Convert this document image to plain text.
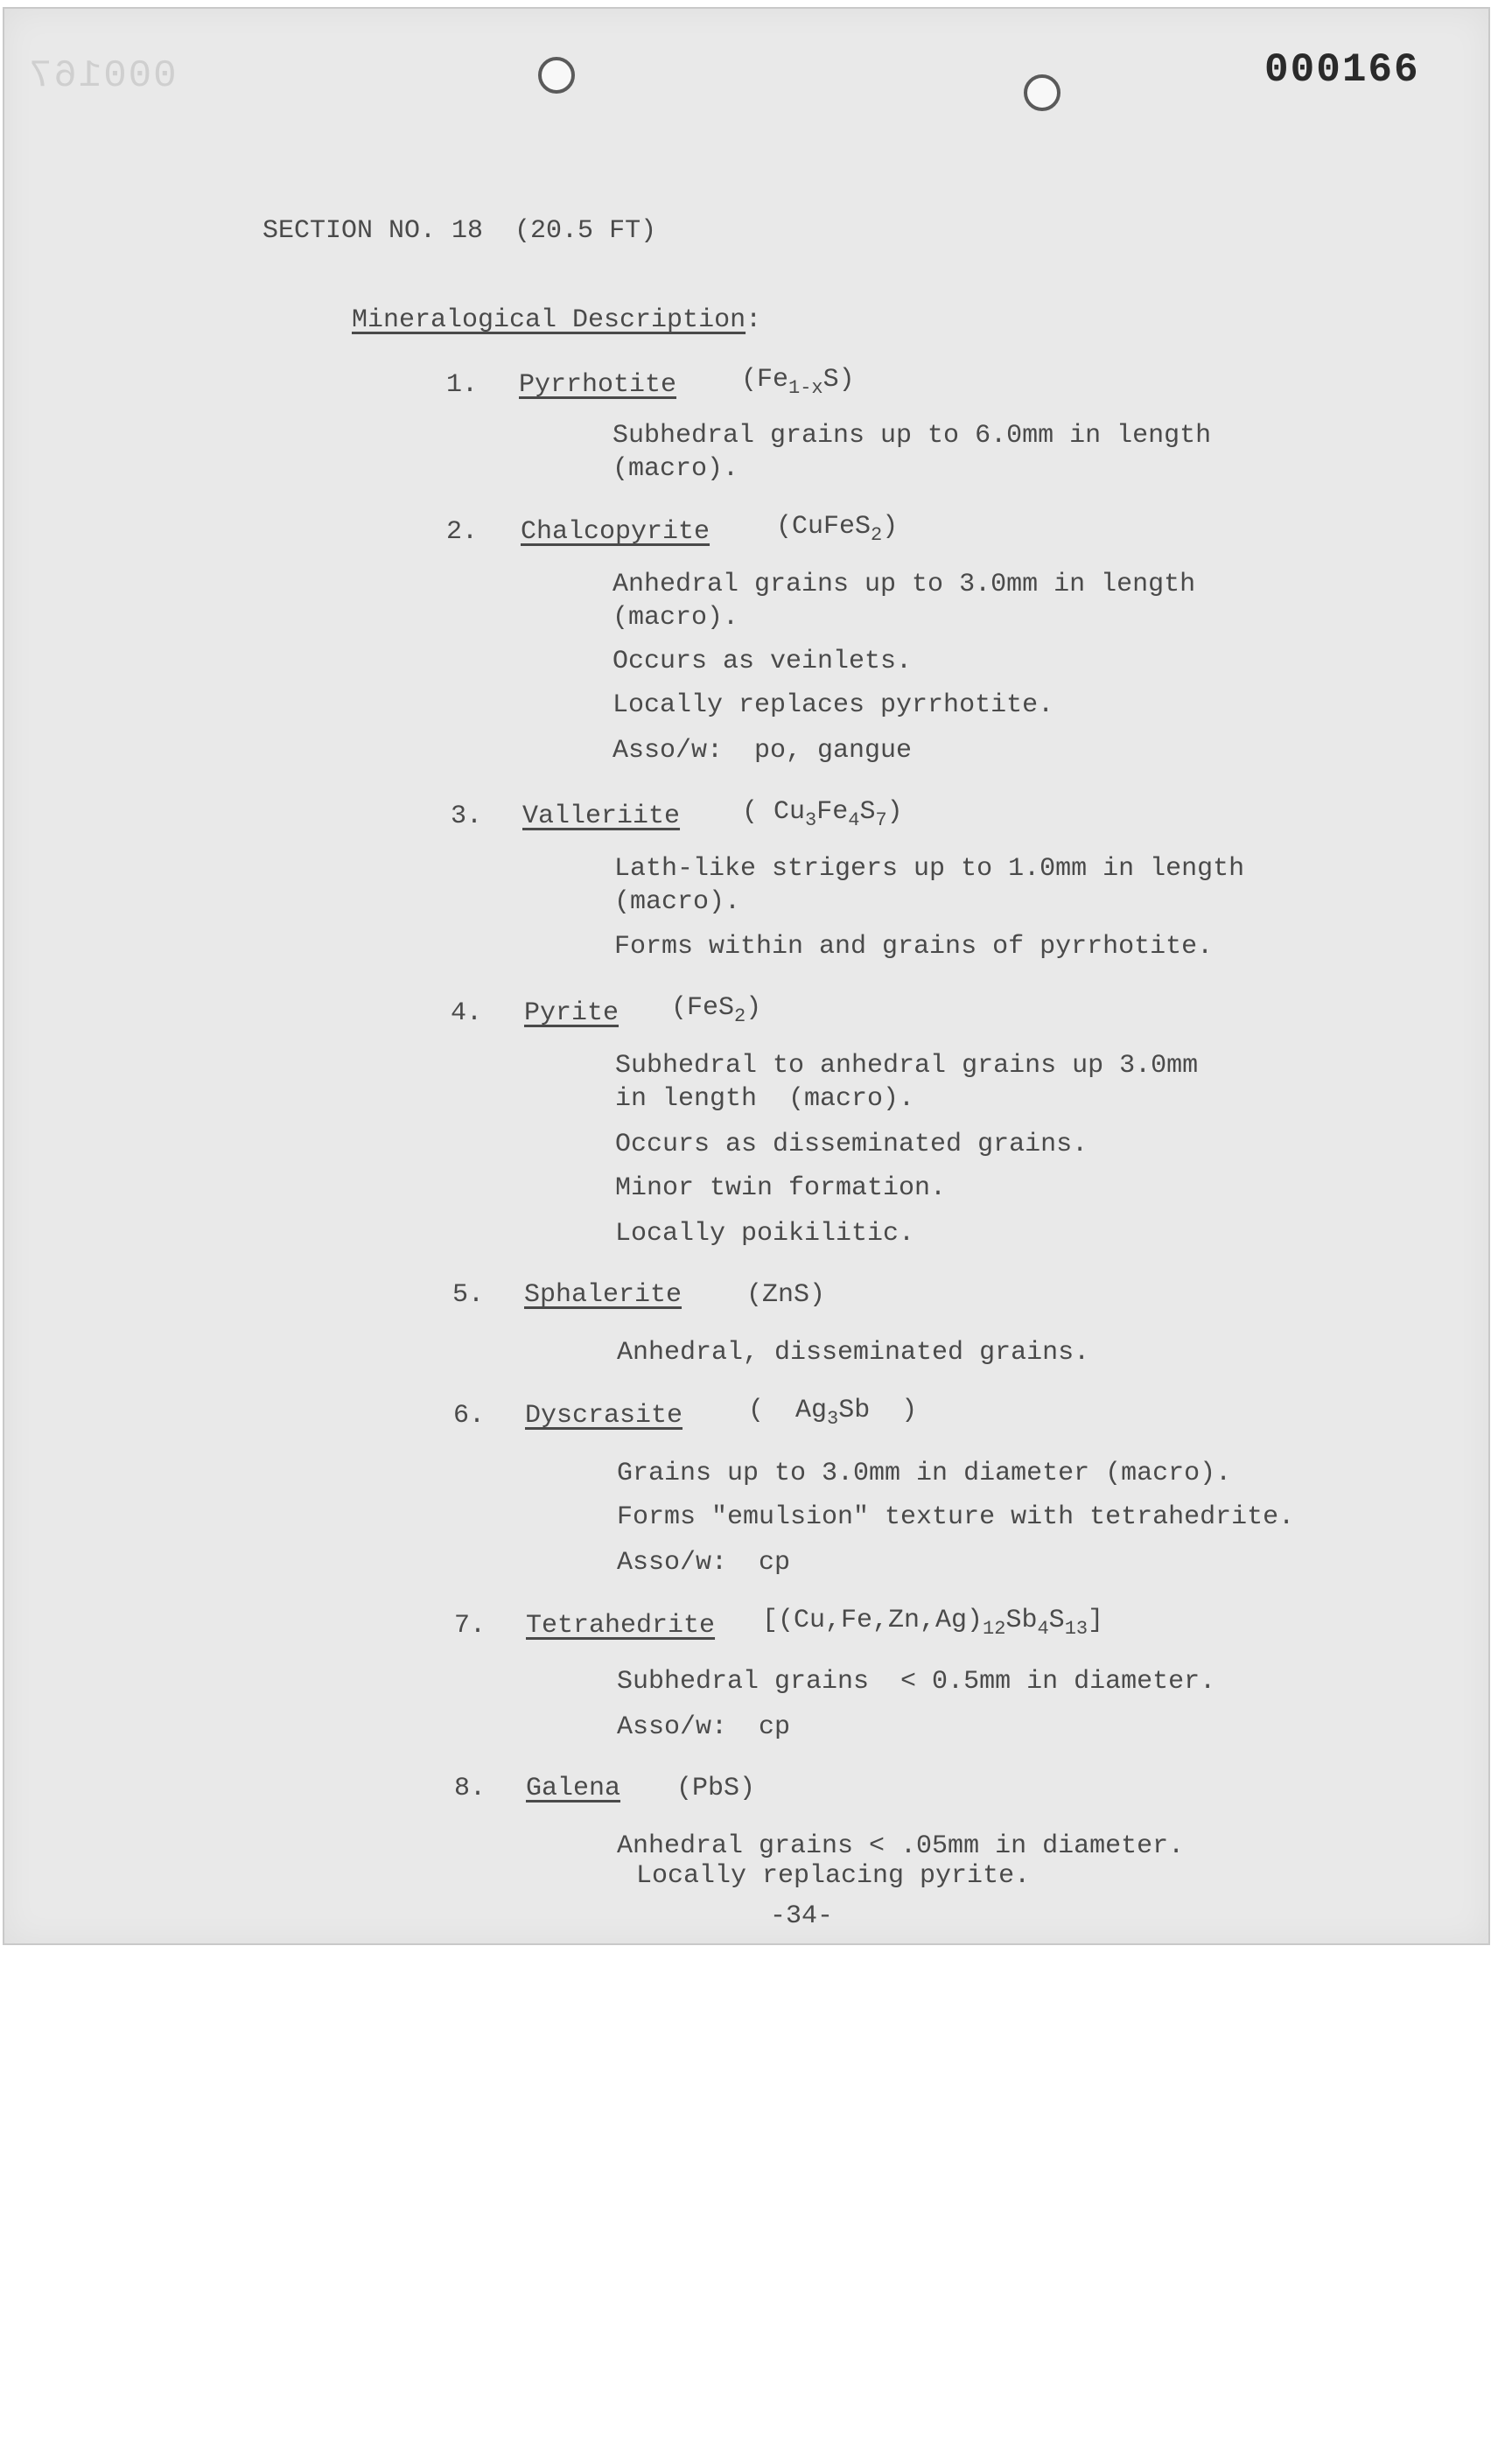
000167	000166
SECTION NO. 18  (20.5 FT)
Mineralogical Description:
1. Pyrrhotite $(Fe_{1-x}S)$
Subhedral grains up to 6.0mm in length
(macro).
2. Chalcopyrite	(CuFeS$_2$)
Anhedral grains up to 3.0mm in length
(macro).
Occurs as veinlets.
Locally replaces pyrrhotite.
Asso/w:  po, gangue
3. Valleriite ( $Cu_3Fe_4S_7$)
Lath-like strigers up to 1.0mm in length
(macro).
Forms within and grains of pyrrhotite.
4. Pyrite (FeS$_2$)
Subhedral to anhedral grains up 3.0mm
in length  (macro).
Occurs as disseminated grains.
Minor twin formation.
Locally poikilitic.
5. Sphalerite (ZnS)
Anhedral, disseminated grains.
6. Dyscrasite (  $Ag_3Sb$  )
Grains up to 3.0mm in diameter (macro).
Forms "emulsion" texture with tetrahedrite.
Asso/w:  cp
7. Tetrahedrite $[(Cu,Fe,Zn,Ag)_{12}Sb_4S_{13}]$
Subhedral grains  < 0.5mm in diameter.
Asso/w:  cp
8. Galena (PbS)
Anhedral grains < .05mm in diameter.
Locally replacing pyrite.
-34-
